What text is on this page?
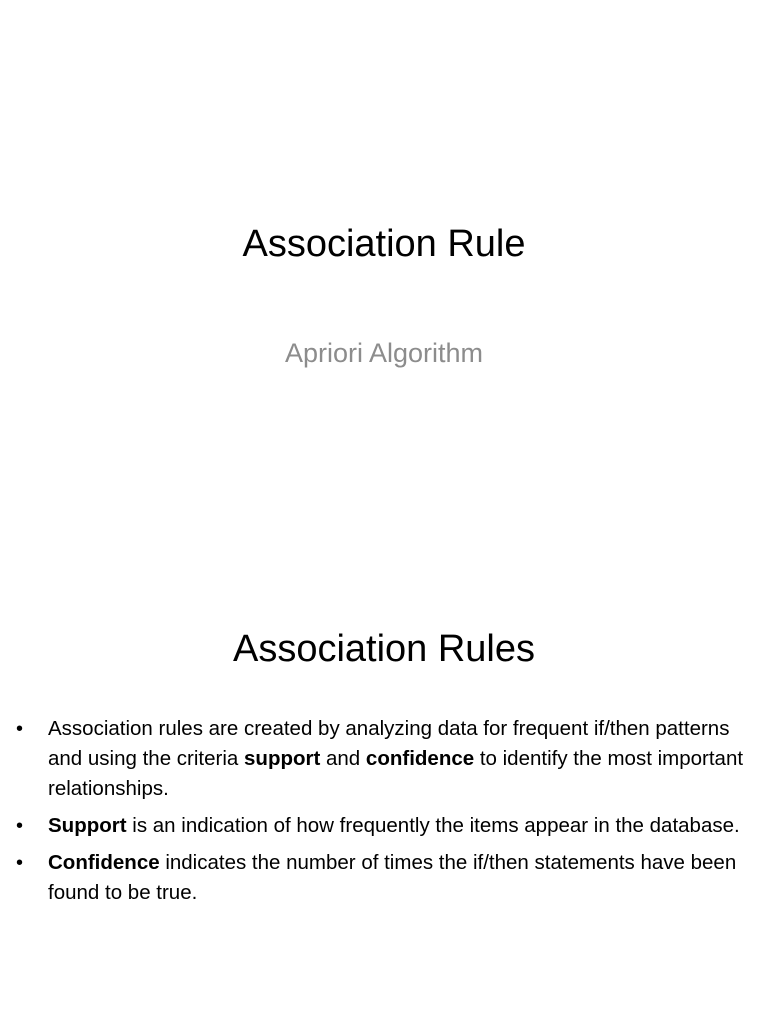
Association Rule
Apriori Algorithm
Association Rules
•	Association rules are created by analyzing data for frequent if/then patterns and using the criteria support and confidence to identify the most important relationships.
•	Support is an indication of how frequently the items appear in the database.
•	Confidence indicates the number of times the if/then statements have been found to be true.
